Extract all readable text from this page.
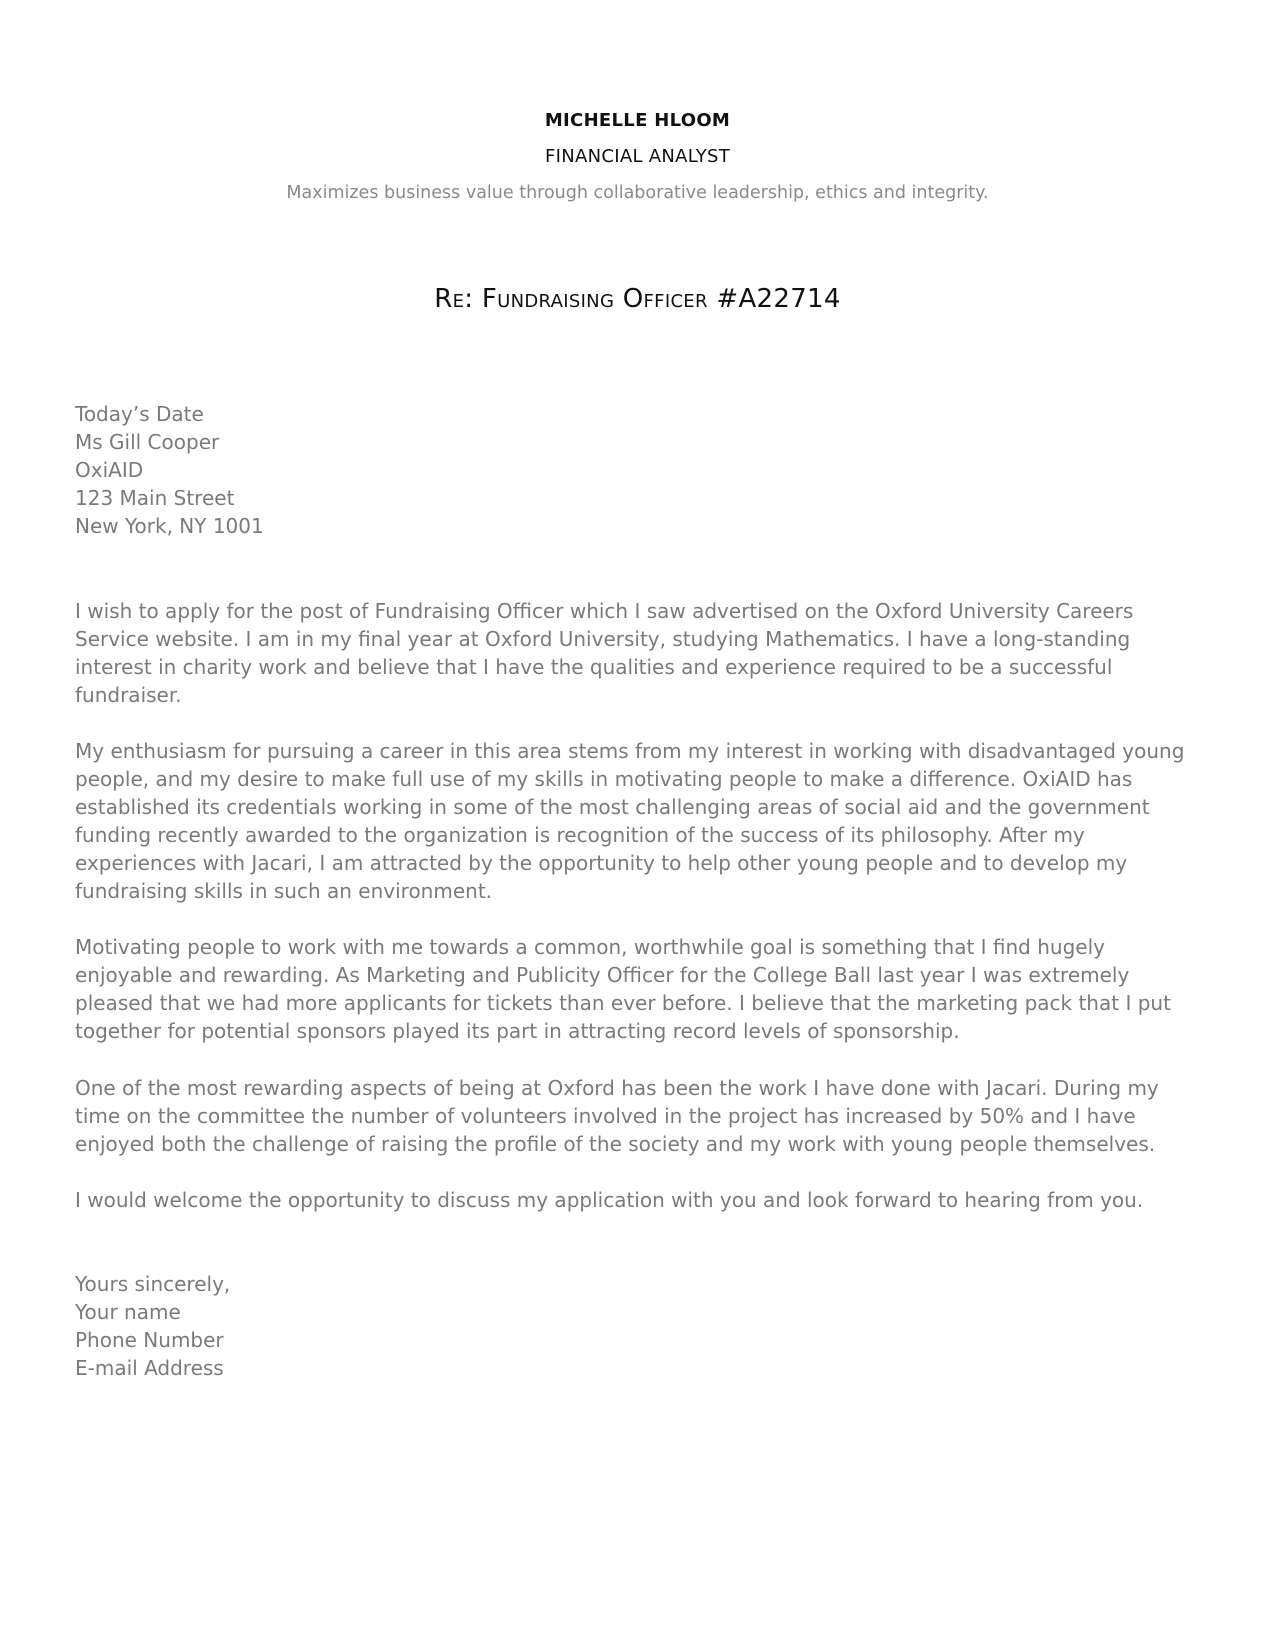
MICHELLE HLOOM
FINANCIAL ANALYST
Maximizes business value through collaborative leadership, ethics and integrity.
Re: Fundraising Officer #A22714
Today’s Date
Ms Gill Cooper
OxiAID
123 Main Street
New York, NY 1001

I wish to apply for the post of Fundraising Officer which I saw advertised on the Oxford University Careers Service website. I am in my final year at Oxford University, studying Mathematics. I have a long-standing interest in charity work and believe that I have the qualities and experience required to be a successful fundraiser.

My enthusiasm for pursuing a career in this area stems from my interest in working with disadvantaged young people, and my desire to make full use of my skills in motivating people to make a difference. OxiAID has established its credentials working in some of the most challenging areas of social aid and the government funding recently awarded to the organization is recognition of the success of its philosophy. After my experiences with Jacari, I am attracted by the opportunity to help other young people and to develop my fundraising skills in such an environment.

Motivating people to work with me towards a common, worthwhile goal is something that I find hugely enjoyable and rewarding. As Marketing and Publicity Officer for the College Ball last year I was extremely pleased that we had more applicants for tickets than ever before. I believe that the marketing pack that I put together for potential sponsors played its part in attracting record levels of sponsorship.

One of the most rewarding aspects of being at Oxford has been the work I have done with Jacari. During my time on the committee the number of volunteers involved in the project has increased by 50% and I have enjoyed both the challenge of raising the profile of the society and my work with young people themselves.

I would welcome the opportunity to discuss my application with you and look forward to hearing from you.

Yours sincerely,
Your name
Phone Number
E-mail Address
